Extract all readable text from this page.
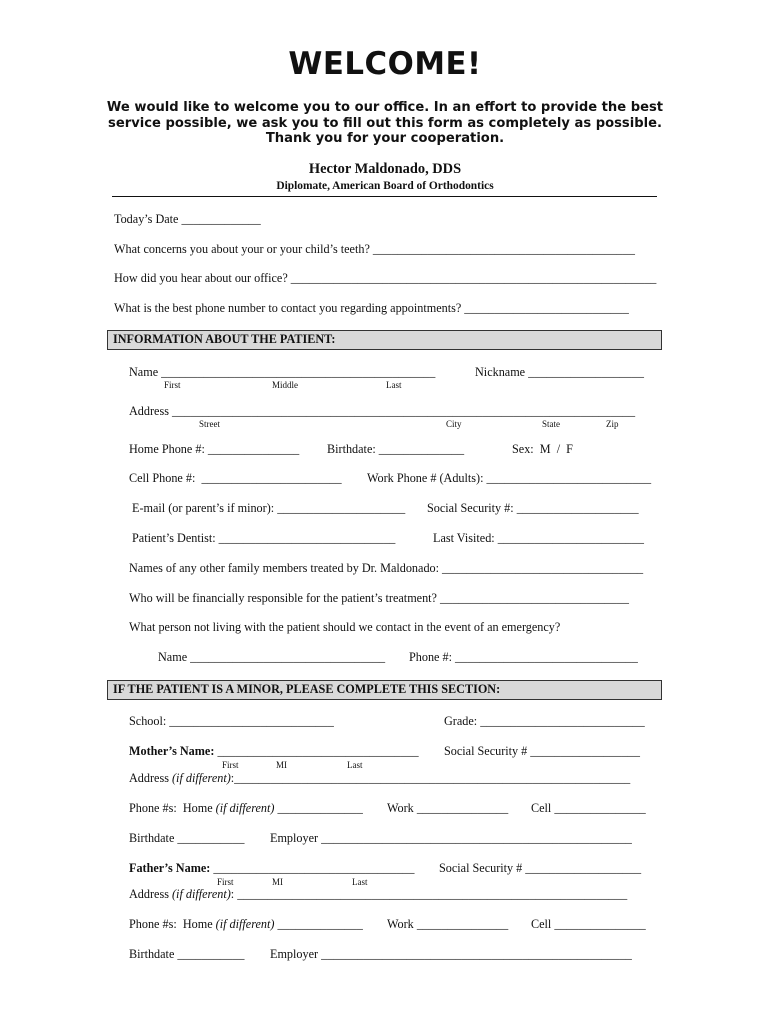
WELCOME!
We would like to welcome you to our office. In an effort to provide the best
service possible, we ask you to fill out this form as completely as possible.
Thank you for your cooperation.
Hector Maldonado, DDS
Diplomate, American Board of Orthodontics
Today’s Date _____________
What concerns you about your or your child’s teeth? ___________________________________________
How did you hear about our office? ____________________________________________________________
What is the best phone number to contact you regarding appointments? ___________________________
INFORMATION ABOUT THE PATIENT:
Name _____________________________________________	Nickname ___________________
First	Middle	Last
Address ____________________________________________________________________________
Street	City	State	Zip
Home Phone #: _______________ Birthdate: ______________	Sex:  M  /  F
Cell Phone #:  _______________________ Work Phone # (Adults): ___________________________
E-mail (or parent’s if minor): _____________________ Social Security #: ____________________
Patient’s Dentist: _____________________________	Last Visited: ________________________
Names of any other family members treated by Dr. Maldonado: _________________________________
Who will be financially responsible for the patient’s treatment? _______________________________
What person not living with the patient should we contact in the event of an emergency?
Name ________________________________ Phone #: ______________________________
IF THE PATIENT IS A MINOR, PLEASE COMPLETE THIS SECTION:
School: ___________________________	Grade: ___________________________
Mother’s Name: _________________________________ Social Security # __________________
First	MI	Last
Address (if different):_________________________________________________________________
Phone #s:  Home (if different) ______________ Work _______________ Cell _______________
Birthdate ___________ Employer ___________________________________________________
Father’s Name: _________________________________ Social Security # ___________________
First	MI	Last
Address (if different): ________________________________________________________________
Phone #s:  Home (if different) ______________ Work _______________ Cell _______________
Birthdate ___________ Employer ___________________________________________________
